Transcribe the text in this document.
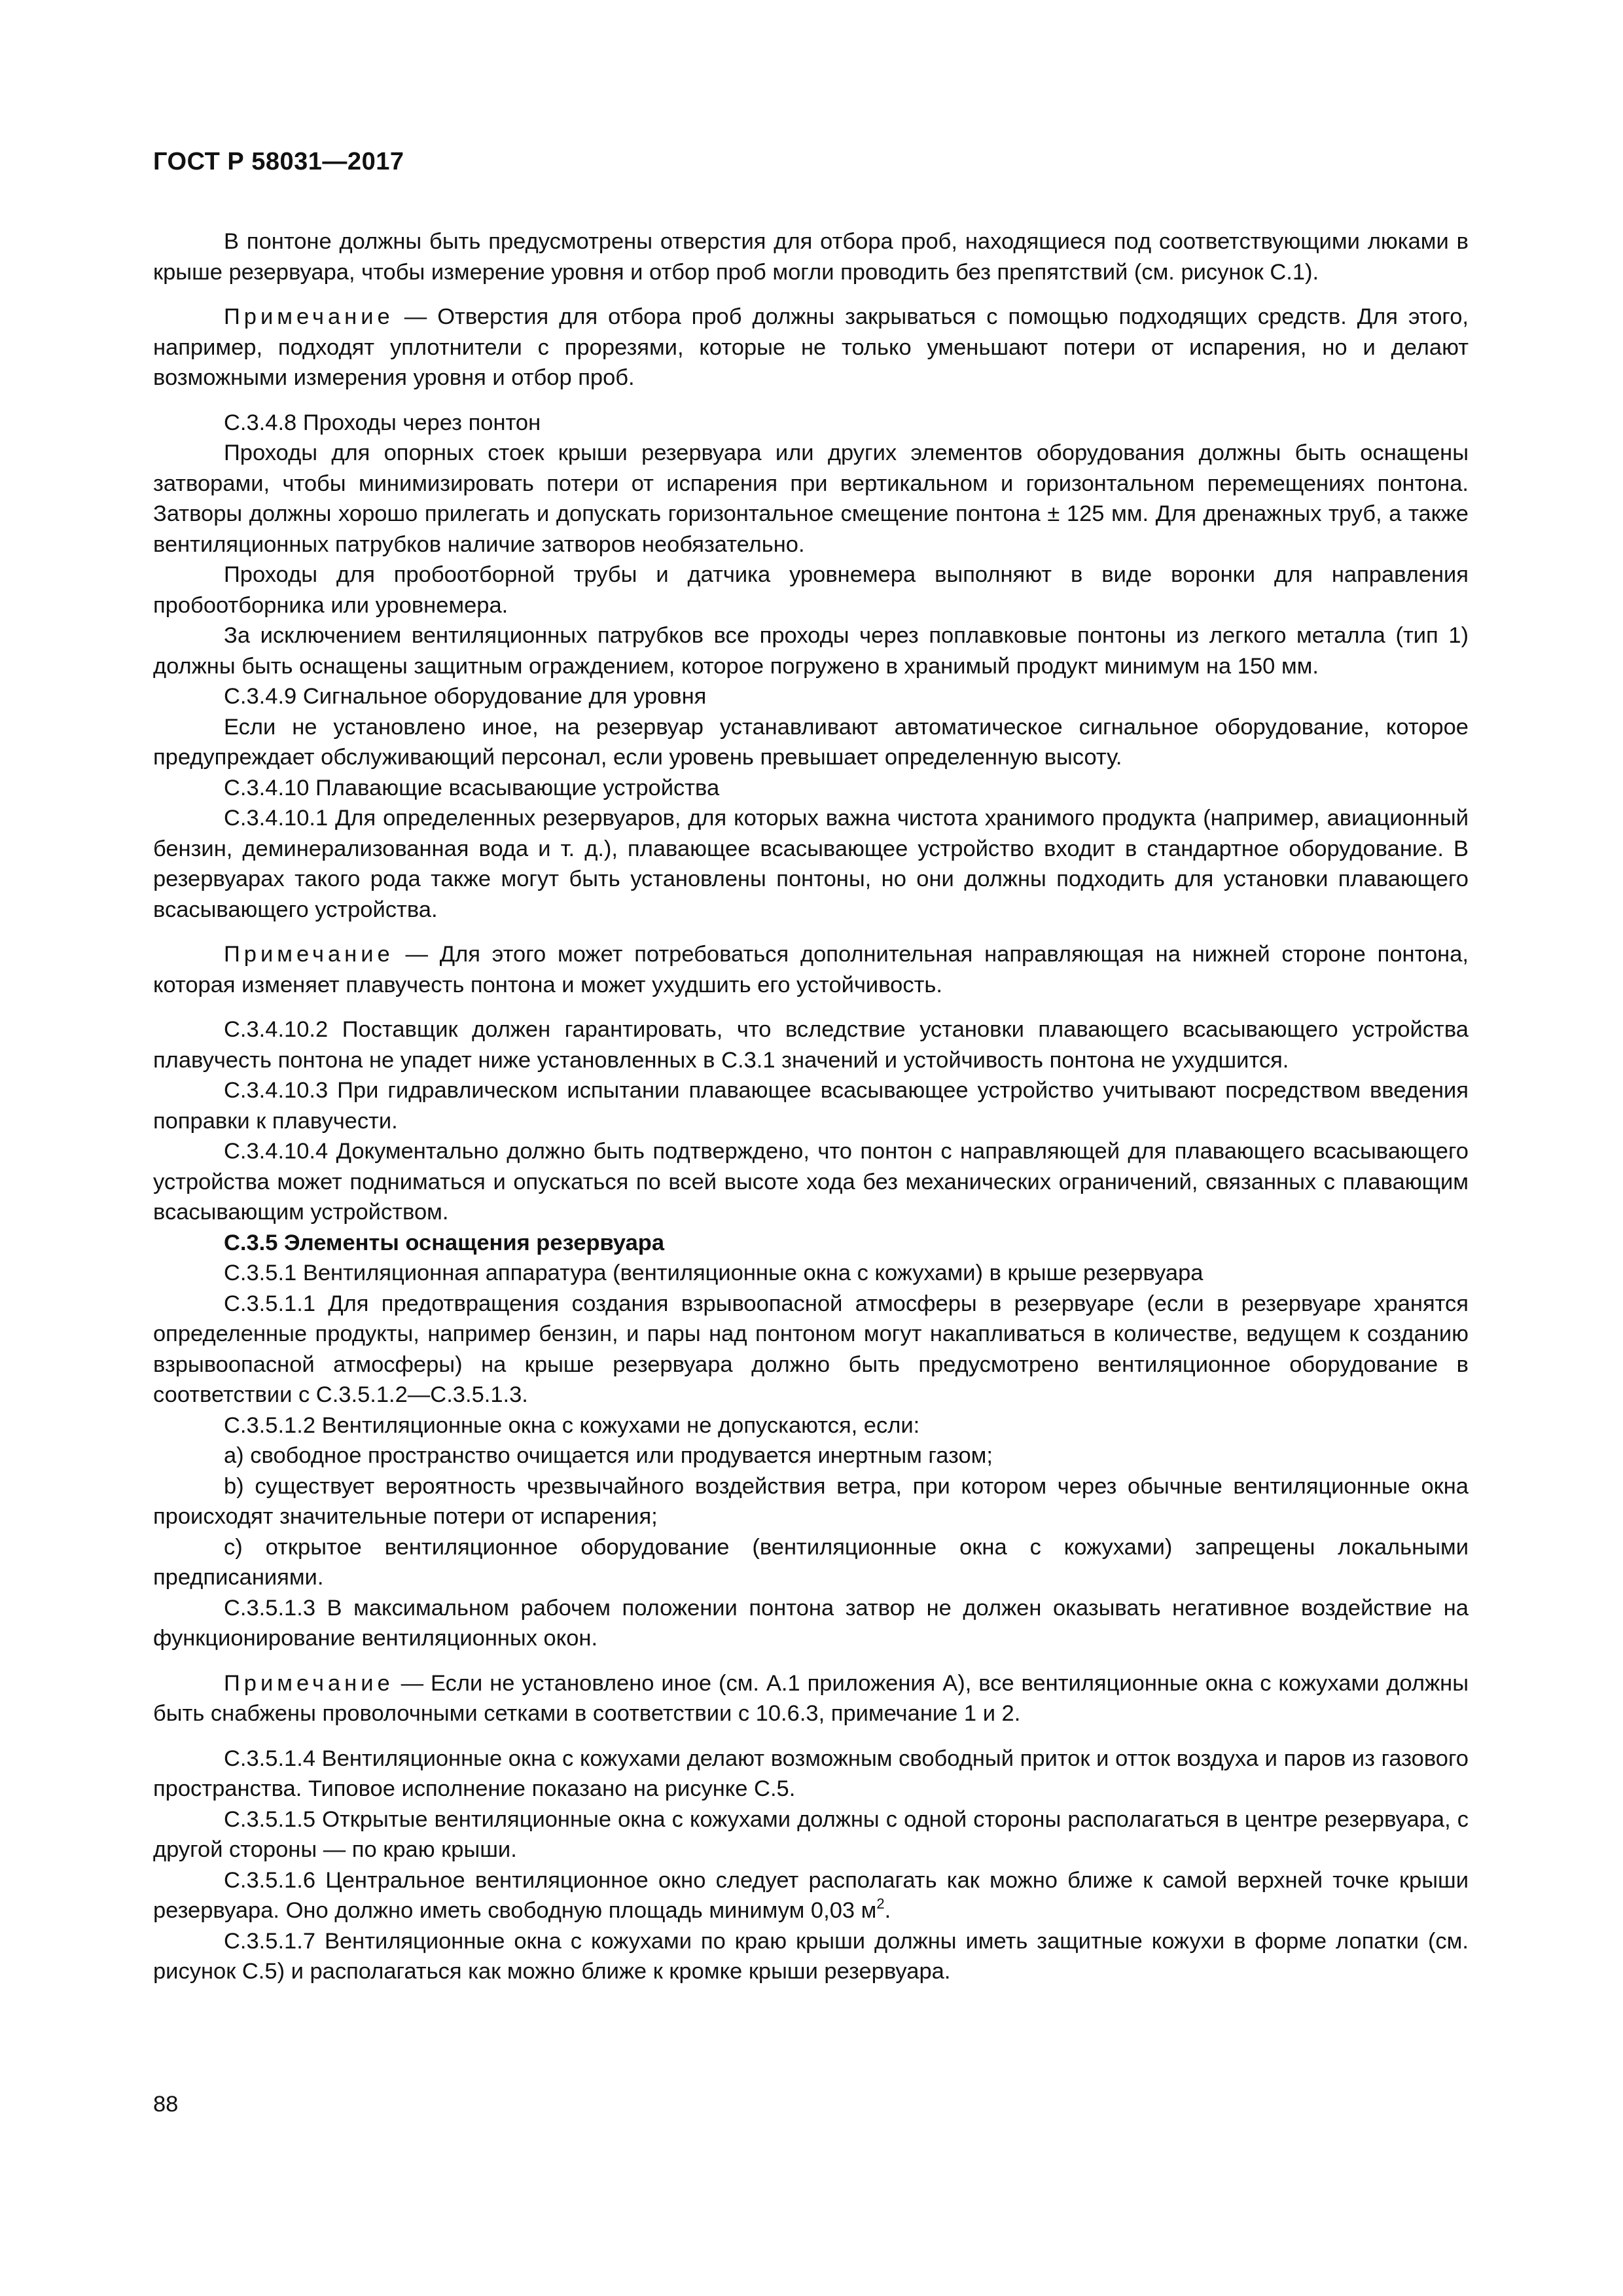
ГОСТ Р 58031—2017

В понтоне должны быть предусмотрены отверстия для отбора проб, находящиеся под соответствующими люками в крыше резервуара, чтобы измерение уровня и отбор проб могли проводить без препятствий (см. рисунок С.1).

Примечание — Отверстия для отбора проб должны закрываться с помощью подходящих средств. Для этого, например, подходят уплотнители с прорезями, которые не только уменьшают потери от испарения, но и делают возможными измерения уровня и отбор проб.

С.3.4.8 Проходы через понтон

Проходы для опорных стоек крыши резервуара или других элементов оборудования должны быть оснащены затворами, чтобы минимизировать потери от испарения при вертикальном и горизонтальном перемещениях понтона. Затворы должны хорошо прилегать и допускать горизонтальное смещение понтона ± 125 мм. Для дренажных труб, а также вентиляционных патрубков наличие затворов необязательно.

Проходы для пробоотборной трубы и датчика уровнемера выполняют в виде воронки для направления пробоотборника или уровнемера.

За исключением вентиляционных патрубков все проходы через поплавковые понтоны из легкого металла (тип 1) должны быть оснащены защитным ограждением, которое погружено в хранимый продукт минимум на 150 мм.

С.3.4.9 Сигнальное оборудование для уровня

Если не установлено иное, на резервуар устанавливают автоматическое сигнальное оборудование, которое предупреждает обслуживающий персонал, если уровень превышает определенную высоту.

С.3.4.10 Плавающие всасывающие устройства

С.3.4.10.1 Для определенных резервуаров, для которых важна чистота хранимого продукта (например, авиационный бензин, деминерализованная вода и т. д.), плавающее всасывающее устройство входит в стандартное оборудование. В резервуарах такого рода также могут быть установлены понтоны, но они должны подходить для установки плавающего всасывающего устройства.

Примечание — Для этого может потребоваться дополнительная направляющая на нижней стороне понтона, которая изменяет плавучесть понтона и может ухудшить его устойчивость.

С.3.4.10.2 Поставщик должен гарантировать, что вследствие установки плавающего всасывающего устройства плавучесть понтона не упадет ниже установленных в С.3.1 значений и устойчивость понтона не ухудшится.

С.3.4.10.3 При гидравлическом испытании плавающее всасывающее устройство учитывают посредством введения поправки к плавучести.

С.3.4.10.4 Документально должно быть подтверждено, что понтон с направляющей для плавающего всасывающего устройства может подниматься и опускаться по всей высоте хода без механических ограничений, связанных с плавающим всасывающим устройством.

С.3.5 Элементы оснащения резервуара

С.3.5.1 Вентиляционная аппаратура (вентиляционные окна с кожухами) в крыше резервуара

С.3.5.1.1 Для предотвращения создания взрывоопасной атмосферы в резервуаре (если в резервуаре хранятся определенные продукты, например бензин, и пары над понтоном могут накапливаться в количестве, ведущем к созданию взрывоопасной атмосферы) на крыше резервуара должно быть предусмотрено вентиляционное оборудование в соответствии с С.3.5.1.2—С.3.5.1.3.

С.3.5.1.2 Вентиляционные окна с кожухами не допускаются, если:

а) свободное пространство очищается или продувается инертным газом;

b) существует вероятность чрезвычайного воздействия ветра, при котором через обычные вентиляционные окна происходят значительные потери от испарения;

с) открытое вентиляционное оборудование (вентиляционные окна с кожухами) запрещены локальными предписаниями.

С.3.5.1.3 В максимальном рабочем положении понтона затвор не должен оказывать негативное воздействие на функционирование вентиляционных окон.

Примечание — Если не установлено иное (см. А.1 приложения А), все вентиляционные окна с кожухами должны быть снабжены проволочными сетками в соответствии с 10.6.3, примечание 1 и 2.

С.3.5.1.4 Вентиляционные окна с кожухами делают возможным свободный приток и отток воздуха и паров из газового пространства. Типовое исполнение показано на рисунке С.5.

С.3.5.1.5 Открытые вентиляционные окна с кожухами должны с одной стороны располагаться в центре резервуара, с другой стороны — по краю крыши.

С.3.5.1.6 Центральное вентиляционное окно следует располагать как можно ближе к самой верхней точке крыши резервуара. Оно должно иметь свободную площадь минимум 0,03 $м^2$.

С.3.5.1.7 Вентиляционные окна с кожухами по краю крыши должны иметь защитные кожухи в форме лопатки (см. рисунок С.5) и располагаться как можно ближе к кромке крыши резервуара.

88
